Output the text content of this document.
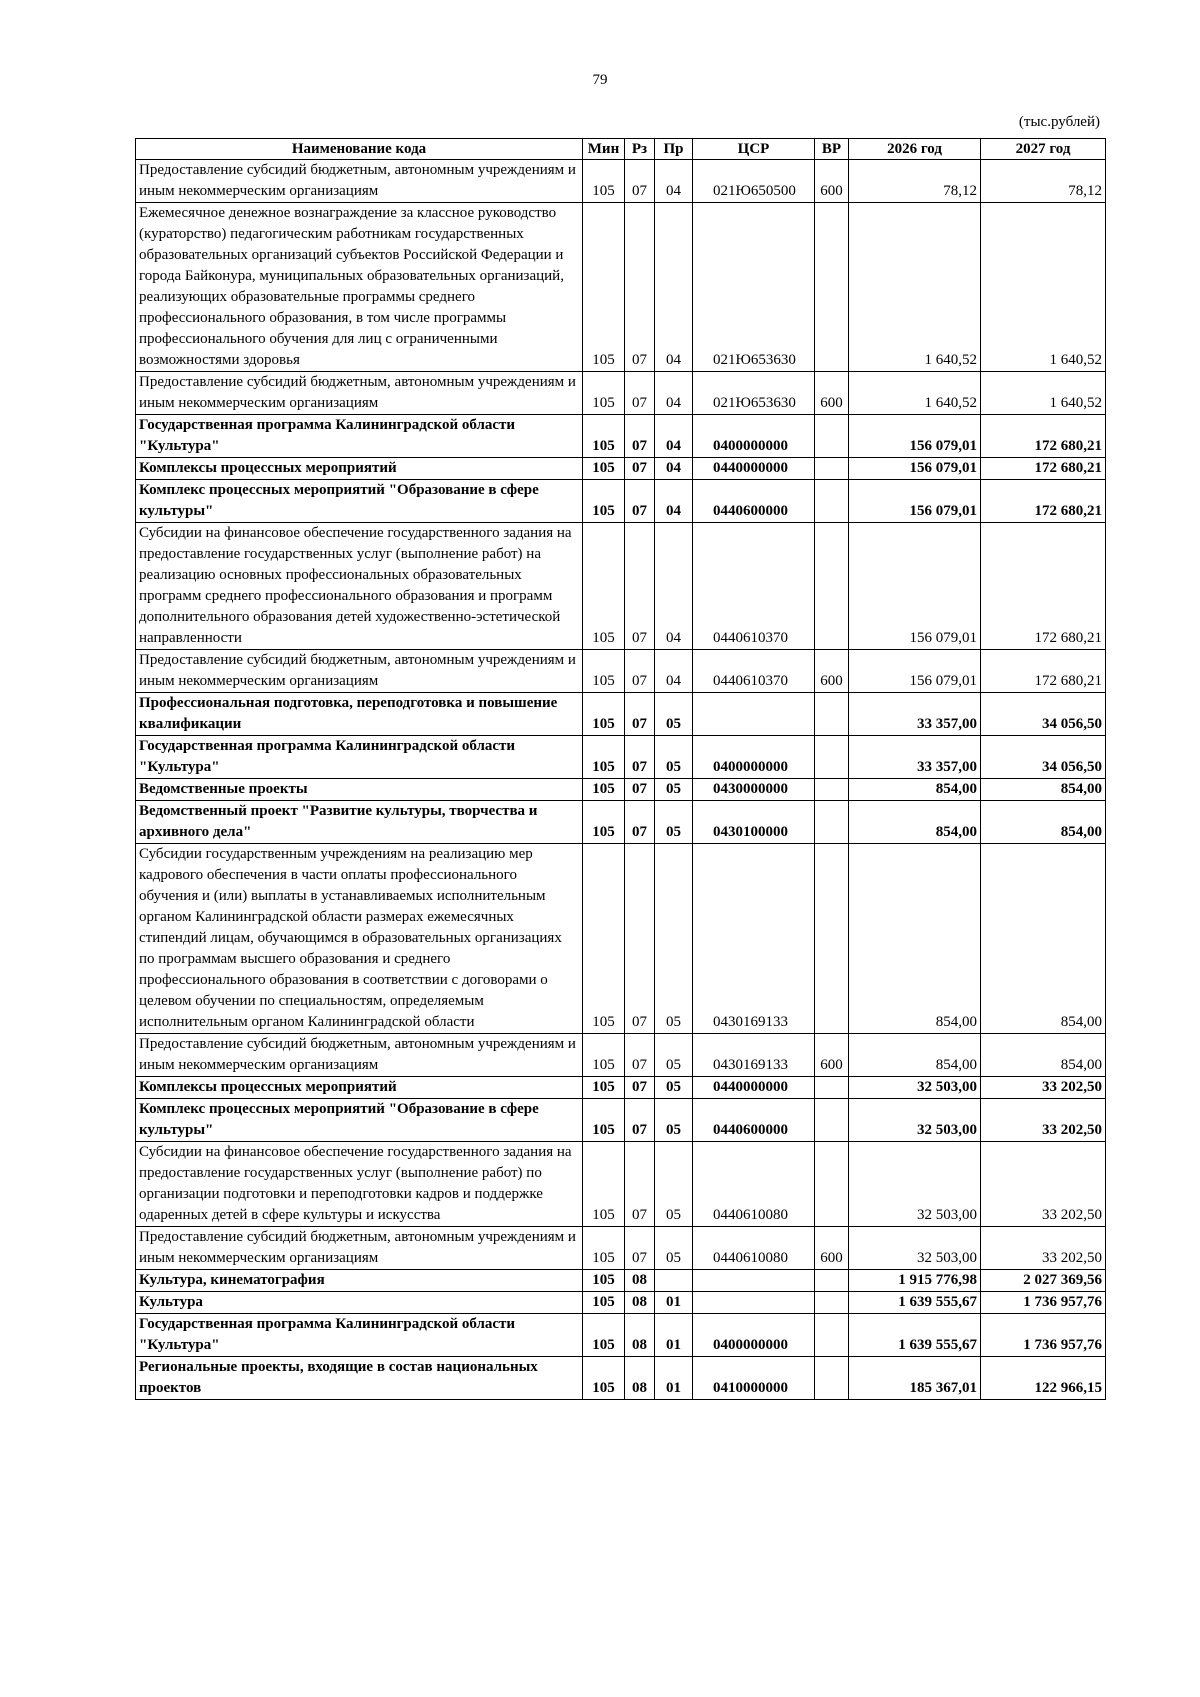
79
(тыс.рублей)
Наименование кода	Мин	Рз	Пр	ЦСР	ВР	2026 год	2027 год
Предоставление субсидий бюджетным, автономным учреждениям и иным некоммерческим организациям	105	07	04	021Ю650500	600	78,12	78,12
Ежемесячное денежное вознаграждение за классное руководство (кураторство) педагогическим работникам государственных образовательных организаций субъектов Российской Федерации и города Байконура, муниципальных образовательных организаций, реализующих образовательные программы среднего профессионального образования, в том числе программы профессионального обучения для лиц с ограниченными возможностями здоровья	105	07	04	021Ю653630		1 640,52	1 640,52
Предоставление субсидий бюджетным, автономным учреждениям и иным некоммерческим организациям	105	07	04	021Ю653630	600	1 640,52	1 640,52
Государственная программа Калининградской области "Культура"	105	07	04	0400000000		156 079,01	172 680,21
Комплексы процессных мероприятий	105	07	04	0440000000		156 079,01	172 680,21
Комплекс процессных мероприятий "Образование в сфере культуры"	105	07	04	0440600000		156 079,01	172 680,21
Субсидии на финансовое обеспечение государственного задания на предоставление государственных услуг (выполнение работ) на реализацию основных профессиональных образовательных программ среднего профессионального образования и программ дополнительного образования детей художественно-эстетической направленности	105	07	04	0440610370		156 079,01	172 680,21
Предоставление субсидий бюджетным, автономным учреждениям и иным некоммерческим организациям	105	07	04	0440610370	600	156 079,01	172 680,21
Профессиональная подготовка, переподготовка и повышение квалификации	105	07	05			33 357,00	34 056,50
Государственная программа Калининградской области "Культура"	105	07	05	0400000000		33 357,00	34 056,50
Ведомственные проекты	105	07	05	0430000000		854,00	854,00
Ведомственный проект "Развитие культуры, творчества и архивного дела"	105	07	05	0430100000		854,00	854,00
Субсидии государственным учреждениям на реализацию мер кадрового обеспечения в части оплаты профессионального обучения и (или) выплаты в устанавливаемых исполнительным органом Калининградской области размерах ежемесячных стипендий лицам, обучающимся в образовательных организациях по программам высшего образования и среднего профессионального образования в соответствии с договорами о целевом обучении по специальностям, определяемым исполнительным органом Калининградской области	105	07	05	0430169133		854,00	854,00
Предоставление субсидий бюджетным, автономным учреждениям и иным некоммерческим организациям	105	07	05	0430169133	600	854,00	854,00
Комплексы процессных мероприятий	105	07	05	0440000000		32 503,00	33 202,50
Комплекс процессных мероприятий "Образование в сфере культуры"	105	07	05	0440600000		32 503,00	33 202,50
Субсидии на финансовое обеспечение государственного задания на предоставление государственных услуг (выполнение работ) по организации подготовки и переподготовки кадров и поддержке одаренных детей в сфере культуры и искусства	105	07	05	0440610080		32 503,00	33 202,50
Предоставление субсидий бюджетным, автономным учреждениям и иным некоммерческим организациям	105	07	05	0440610080	600	32 503,00	33 202,50
Культура, кинематография	105	08				1 915 776,98	2 027 369,56
Культура	105	08	01			1 639 555,67	1 736 957,76
Государственная программа Калининградской области "Культура"	105	08	01	0400000000		1 639 555,67	1 736 957,76
Региональные проекты, входящие в состав национальных проектов	105	08	01	0410000000		185 367,01	122 966,15
